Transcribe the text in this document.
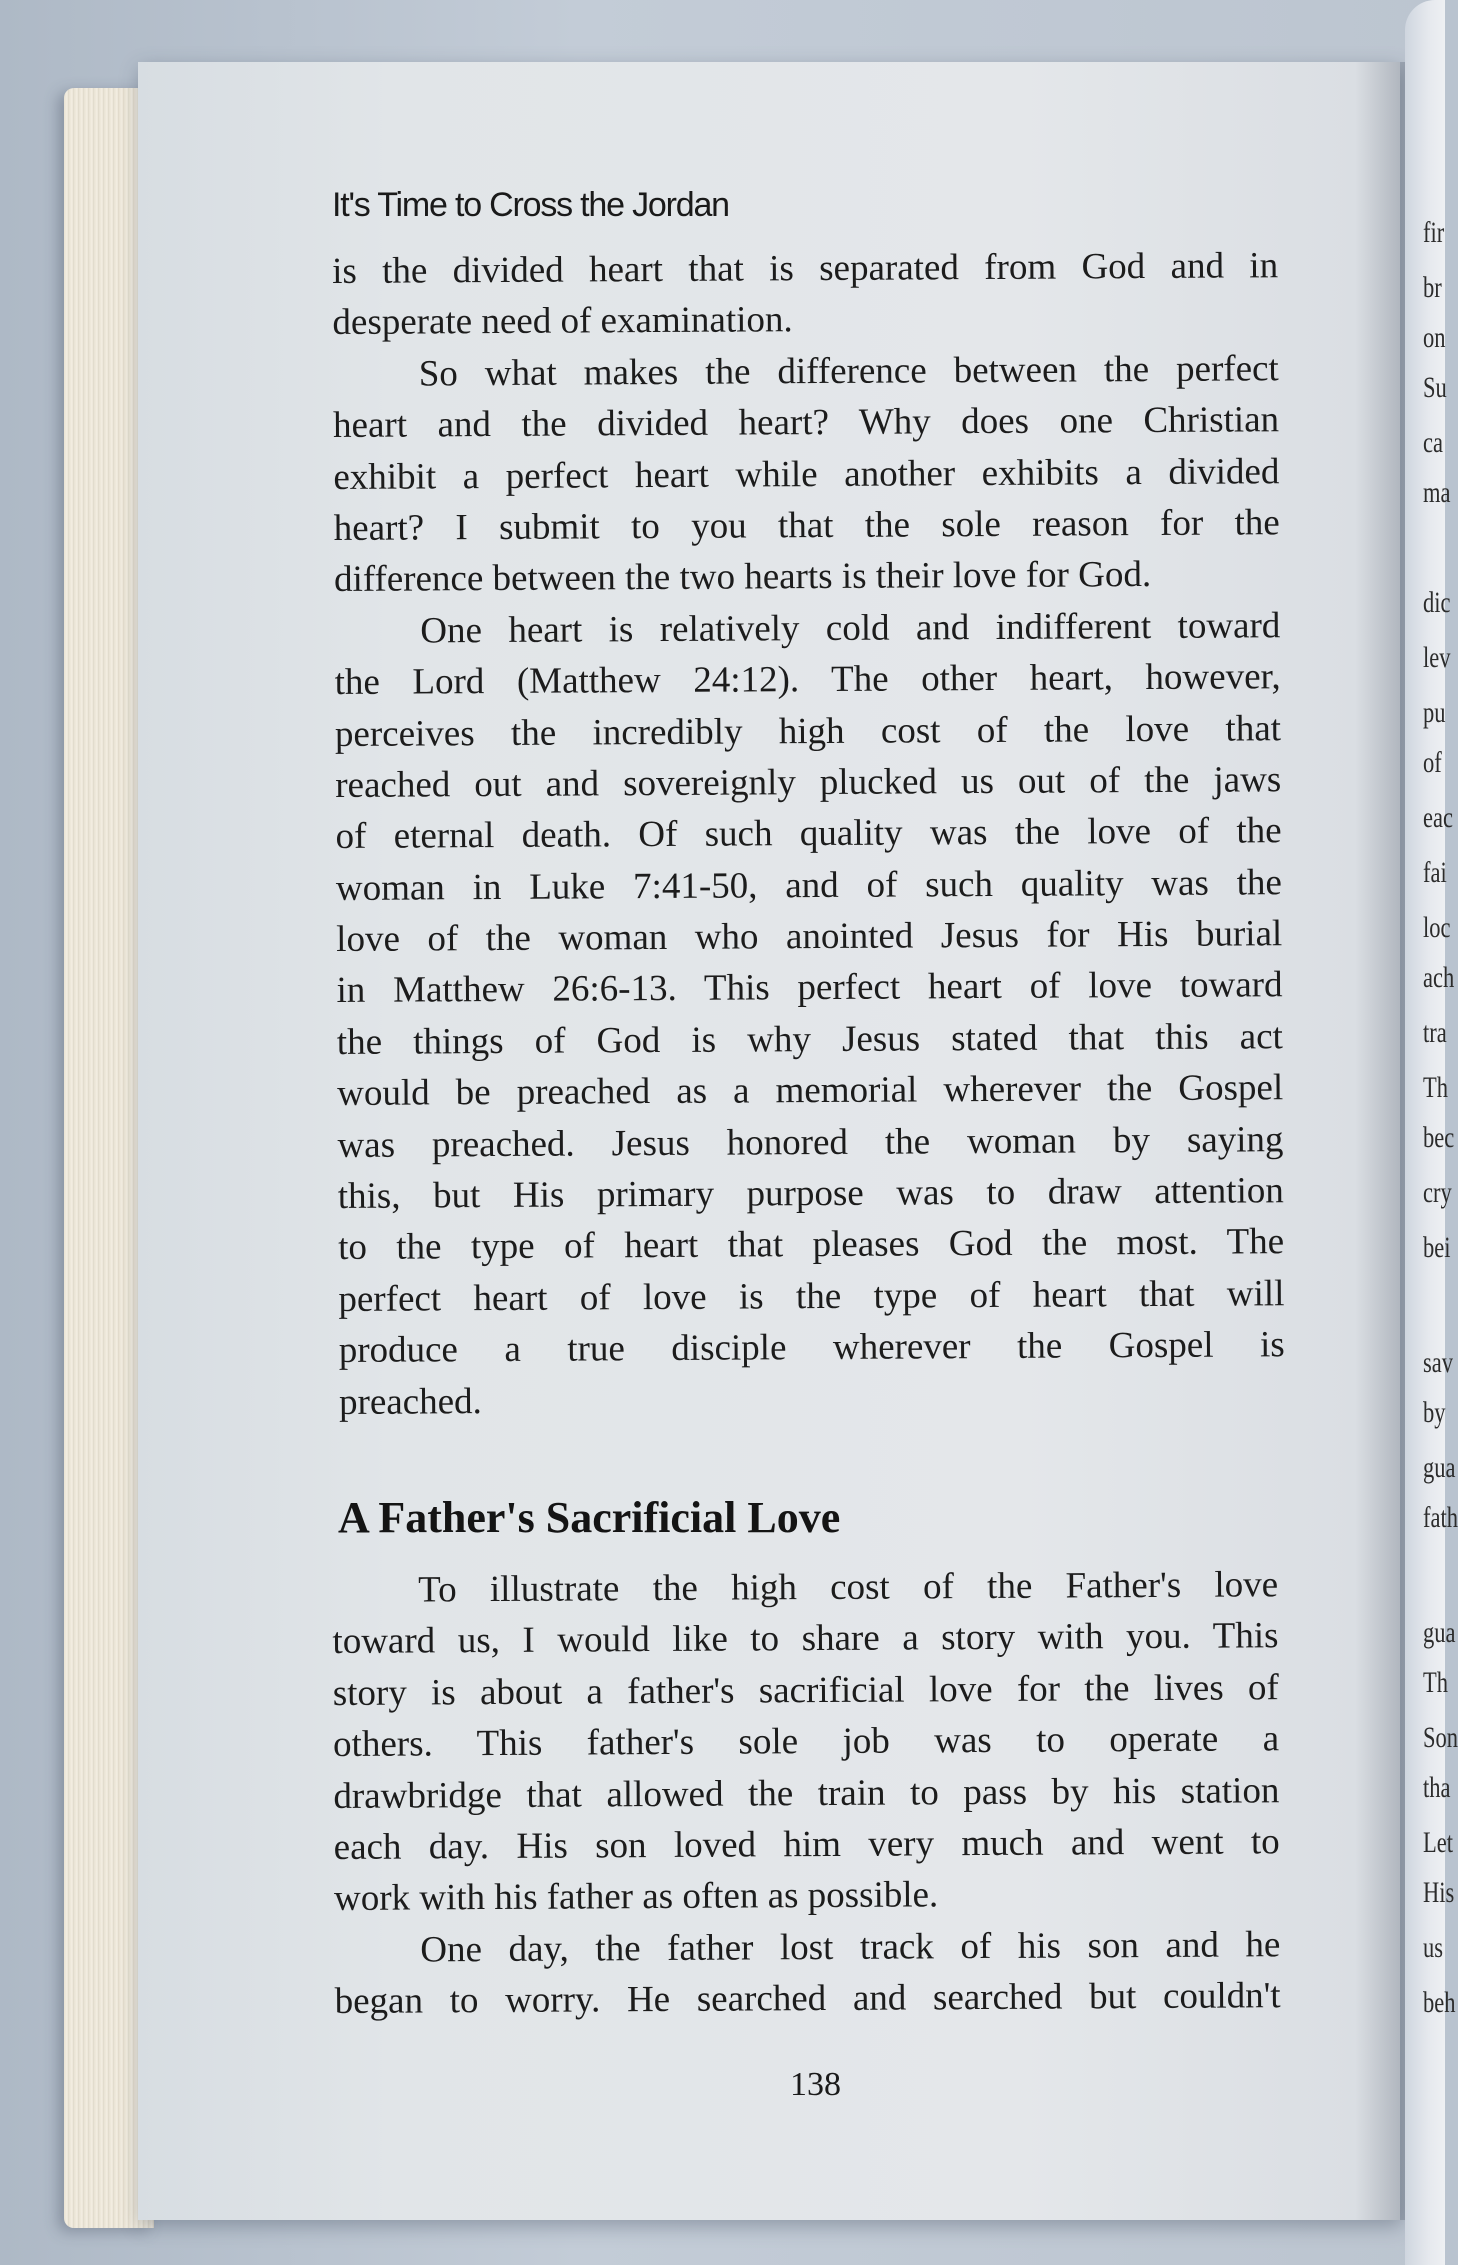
fir
br
on
Su
ca
ma
dic
lev
pu
of
eac
fai
loc
ach
tra
Th
bec
cry
bei
sav
by
gua
fath
gua
Th
Son
tha
Let
His
us
beh
It's Time to Cross the Jordan
is the divided heart that is separated from God and in
desperate need of examination.
So what makes the difference between the perfect
heart and the divided heart? Why does one Christian
exhibit a perfect heart while another exhibits a divided
heart? I submit to you that the sole reason for the
difference between the two hearts is their love for God.
One heart is relatively cold and indifferent toward
the Lord (Matthew 24:12). The other heart, however,
perceives the incredibly high cost of the love that
reached out and sovereignly plucked us out of the jaws
of eternal death. Of such quality was the love of the
woman in Luke 7:41-50, and of such quality was the
love of the woman who anointed Jesus for His burial
in Matthew 26:6-13. This perfect heart of love toward
the things of God is why Jesus stated that this act
would be preached as a memorial wherever the Gospel
was preached. Jesus honored the woman by saying
this, but His primary purpose was to draw attention
to the type of heart that pleases God the most. The
perfect heart of love is the type of heart that will
produce a true disciple wherever the Gospel is
preached.
A Father's Sacrificial Love
To illustrate the high cost of the Father's love
toward us, I would like to share a story with you. This
story is about a father's sacrificial love for the lives of
others. This father's sole job was to operate a
drawbridge that allowed the train to pass by his station
each day. His son loved him very much and went to
work with his father as often as possible.
One day, the father lost track of his son and he
began to worry. He searched and searched but couldn't
138
